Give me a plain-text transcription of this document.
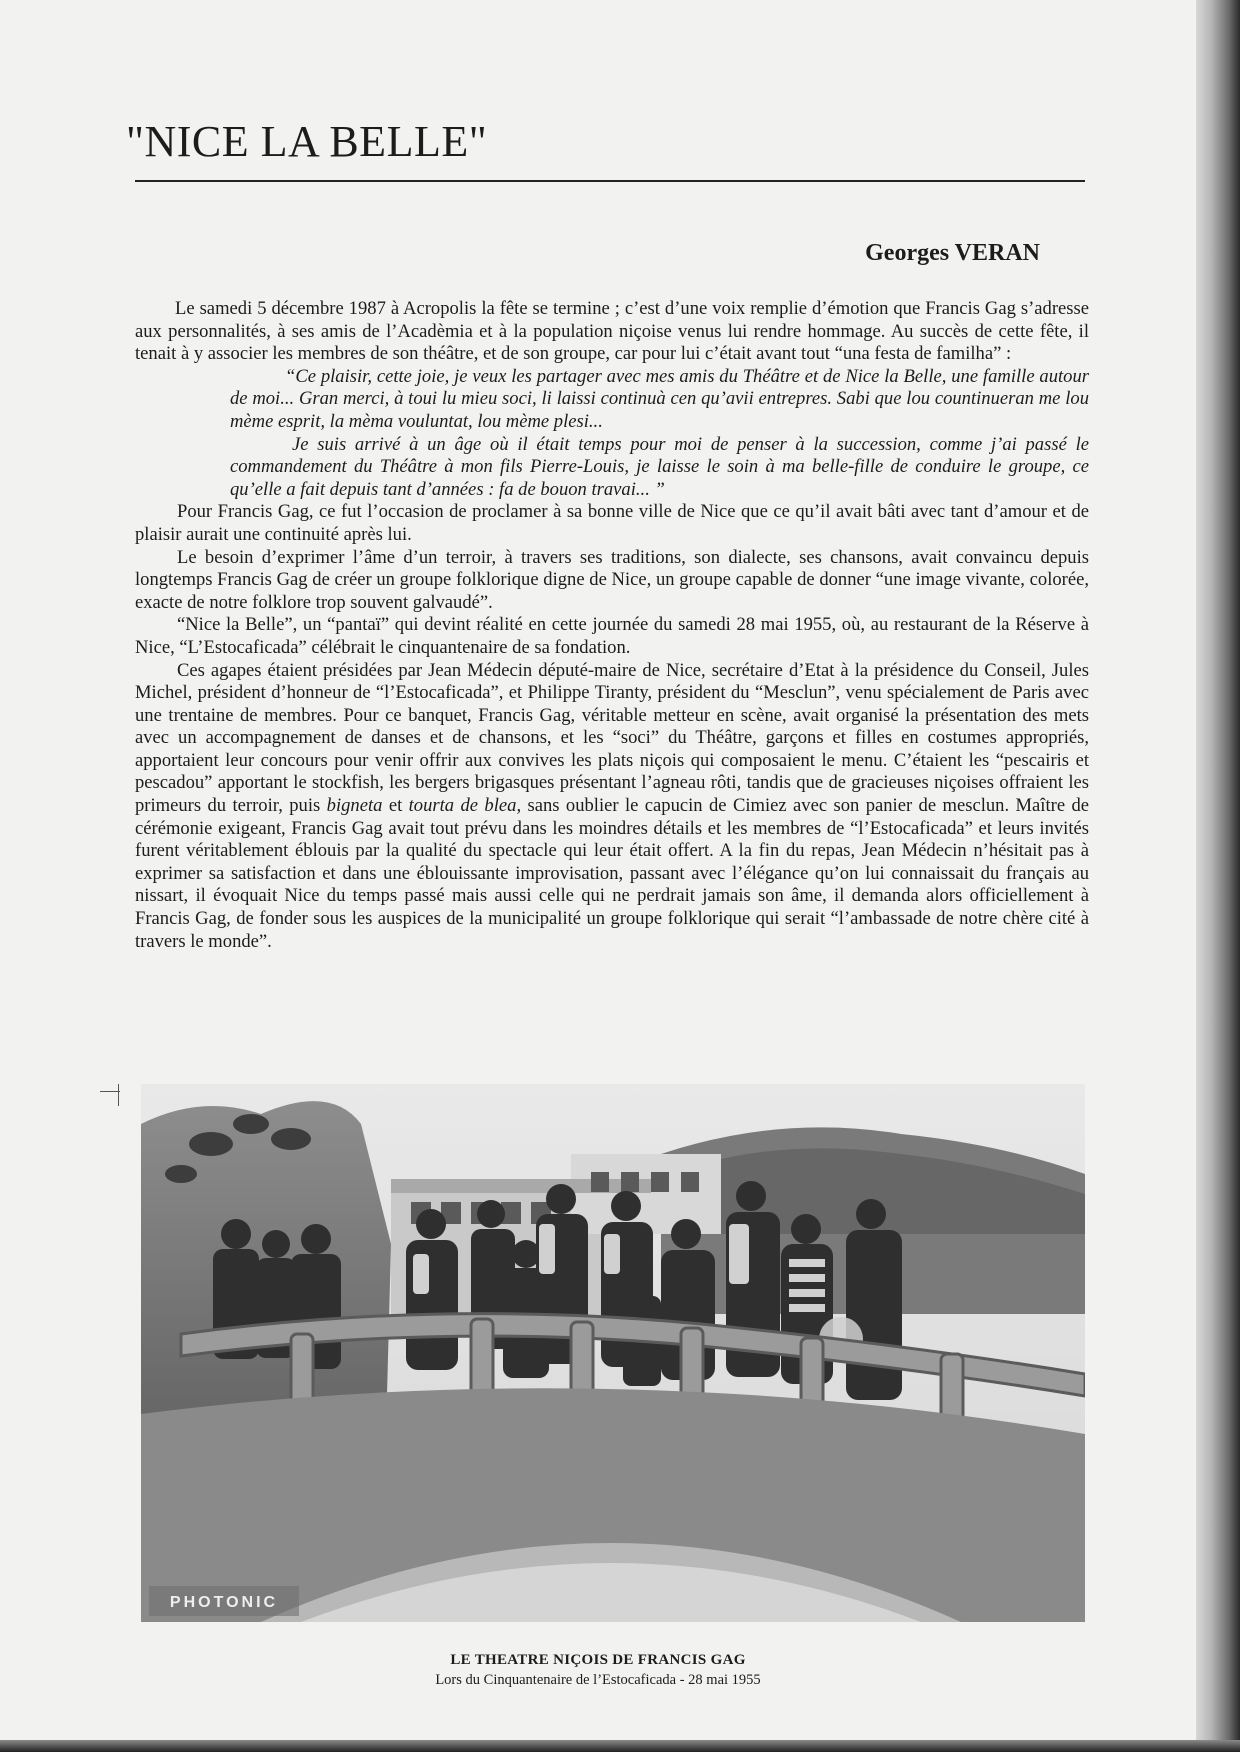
"NICE LA BELLE"
Georges VERAN

Le samedi 5 décembre 1987 à Acropolis la fête se termine ; c’est d’une voix remplie d’émotion que Francis Gag s’adresse aux personnalités, à ses amis de l’Acadèmia et à la population niçoise venus lui rendre hommage. Au succès de cette fête, il tenait à y associer les membres de son théâtre, et de son groupe, car pour lui c’était avant tout “una festa de familha” :

“Ce plaisir, cette joie, je veux les partager avec mes amis du Théâtre et de Nice la Belle, une famille autour de moi... Gran merci, à toui lu mieu soci, li laissi continuà cen qu’avii entrepres. Sabi que lou countinueran me lou mème esprit, la mèma vouluntat, lou mème plesi...

Je suis arrivé à un âge où il était temps pour moi de penser à la succession, comme j’ai passé le commandement du Théâtre à mon fils Pierre-Louis, je laisse le soin à ma belle-fille de conduire le groupe, ce qu’elle a fait depuis tant d’années : fa de bouon travai... ”

Pour Francis Gag, ce fut l’occasion de proclamer à sa bonne ville de Nice que ce qu’il avait bâti avec tant d’amour et de plaisir aurait une continuité après lui.

Le besoin d’exprimer l’âme d’un terroir, à travers ses traditions, son dialecte, ses chansons, avait convaincu depuis longtemps Francis Gag de créer un groupe folklorique digne de Nice, un groupe capable de donner “une image vivante, colorée, exacte de notre folklore trop souvent galvaudé”.

“Nice la Belle”, un “pantaï” qui devint réalité en cette journée du samedi 28 mai 1955, où, au restaurant de la Réserve à Nice, “L’Estocaficada” célébrait le cinquantenaire de sa fondation.

Ces agapes étaient présidées par Jean Médecin député-maire de Nice, secrétaire d’Etat à la présidence du Conseil, Jules Michel, président d’honneur de “l’Estocaficada”, et Philippe Tiranty, président du “Mesclun”, venu spécialement de Paris avec une trentaine de membres. Pour ce banquet, Francis Gag, véritable metteur en scène, avait organisé la présentation des mets avec un accompagnement de danses et de chansons, et les “soci” du Théâtre, garçons et filles en costumes appropriés, apportaient leur concours pour venir offrir aux convives les plats niçois qui composaient le menu. C’étaient les “pescairis et pescadou” apportant le stockfish, les bergers brigasques présentant l’agneau rôti, tandis que de gracieuses niçoises offraient les primeurs du terroir, puis bigneta et tourta de blea, sans oublier le capucin de Cimiez avec son panier de mesclun. Maître de cérémonie exigeant, Francis Gag avait tout prévu dans les moindres détails et les membres de “l’Estocaficada” et leurs invités furent véritablement éblouis par la qualité du spectacle qui leur était offert. A la fin du repas, Jean Médecin n’hésitait pas à exprimer sa satisfaction et dans une éblouissante improvisation, passant avec l’élégance qu’on lui connaissait du français au nissart, il évoquait Nice du temps passé mais aussi celle qui ne perdrait jamais son âme, il demanda alors officiellement à Francis Gag, de fonder sous les auspices de la municipalité un groupe folklorique qui serait “l’ambassade de notre chère cité à travers le monde”.

PHOTONIC
LE THEATRE NIÇOIS DE FRANCIS GAG
Lors du Cinquantenaire de l’Estocaficada - 28 mai 1955
